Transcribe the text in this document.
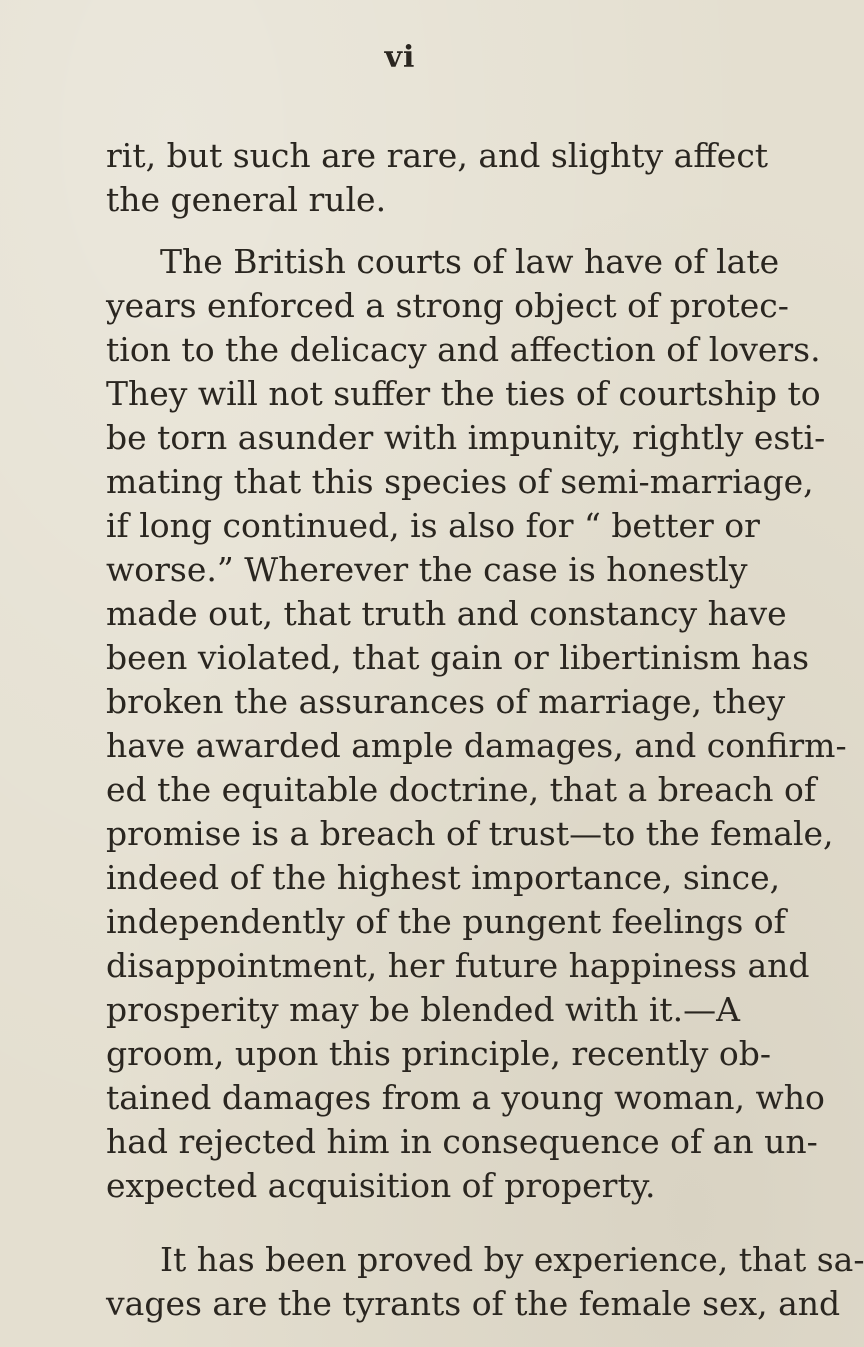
vi
rit, but such are rare, and slighty affect
the general rule.
The British courts of law have of late
years enforced a strong object of protec-
tion to the delicacy and affection of lovers.
They will not suffer the ties of courtship to
be torn asunder with impunity, rightly esti-
mating that this species of semi-marriage,
if long continued, is also for “ better or
worse.” Wherever the case is honestly
made out, that truth and constancy have
been violated, that gain or libertinism has
broken the assurances of marriage, they
have awarded ample damages, and confirm-
ed the equitable doctrine, that a breach of
promise is a breach of trust—to the female,
indeed of the highest importance, since,
independently of the pungent feelings of
disappointment, her future happiness and
prosperity may be blended with it.—A
groom, upon this principle, recently ob-
tained damages from a young woman, who
had rejected him in consequence of an un-
expected acquisition of property.
It has been proved by experience, that sa-
vages are the tyrants of the female sex, and
